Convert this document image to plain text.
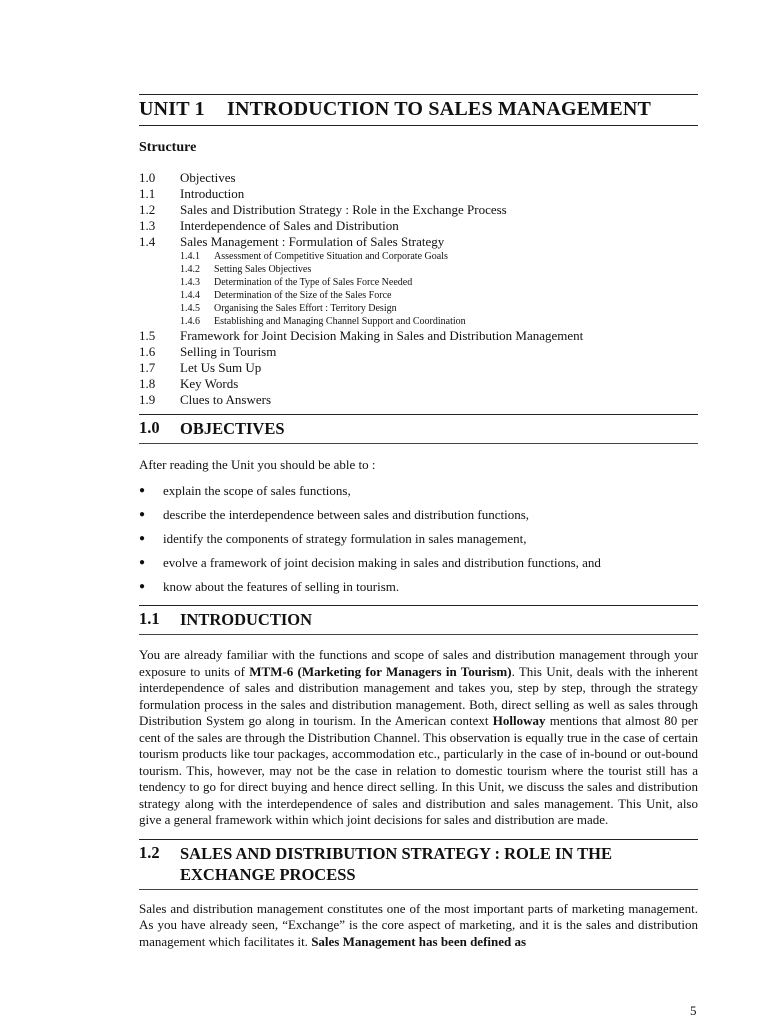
UNIT 1	INTRODUCTION TO SALES MANAGEMENT
Structure
1.0	Objectives
1.1	Introduction
1.2	Sales and Distribution Strategy : Role in the Exchange Process
1.3	Interdependence of Sales and Distribution
1.4	Sales Management : Formulation of Sales Strategy
1.4.1	Assessment of Competitive Situation and Corporate Goals
1.4.2	Setting Sales Objectives
1.4.3	Determination of the Type of Sales Force Needed
1.4.4	Determination of the Size of the Sales Force
1.4.5	Organising the Sales Effort : Territory Design
1.4.6	Establishing and Managing Channel Support and Coordination
1.5	Framework for Joint Decision Making in Sales and Distribution Management
1.6	Selling in Tourism
1.7	Let Us Sum Up
1.8	Key Words
1.9	Clues to Answers
1.0	OBJECTIVES
After reading the Unit you should be able to :
●	explain the scope of sales functions,
●	describe the interdependence between sales and distribution functions,
●	identify the components of strategy formulation in sales management,
●	evolve a framework of joint decision making in sales and distribution functions, and
●	know about the features of selling in tourism.
1.1	INTRODUCTION
You are already familiar with the functions and scope of sales and distribution management through your exposure to units of MTM-6 (Marketing for Managers in Tourism). This Unit, deals with the inherent interdependence of sales and distribution management and takes you, step by step, through the strategy formulation process in the sales and distribution management. Both, direct selling as well as sales through Distribution System go along in tourism. In the American context Holloway mentions that almost 80 per cent of the sales are through the Distribution Channel. This observation is equally true in the case of certain tourism products like tour packages, accommodation etc., particularly in the case of in-bound or out-bound tourism. This, however, may not be the case in relation to domestic tourism where the tourist still has a tendency to go for direct buying and hence direct selling. In this Unit, we discuss the sales and distribution strategy along with the interdependence of sales and distribution and sales management. This Unit, also give a general framework within which joint decisions for sales and distribution are made.
1.2	SALES AND DISTRIBUTION STRATEGY : ROLE IN THE EXCHANGE PROCESS
Sales and distribution management constitutes one of the most important parts of marketing management. As you have already seen, “Exchange” is the core aspect of marketing, and it is the sales and distribution management which facilitates it. Sales Management has been defined as
5
